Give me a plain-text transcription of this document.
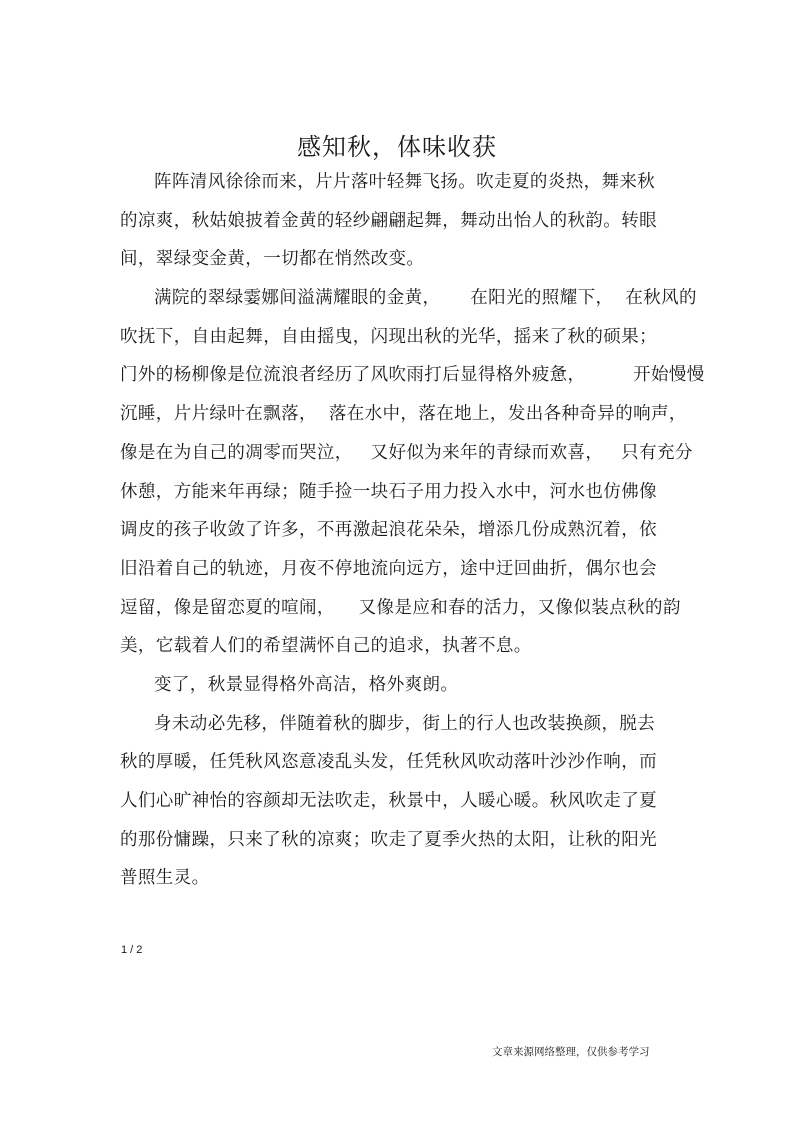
感知秋，体味收获
阵阵清风徐徐而来，片片落叶轻舞飞扬。吹走夏的炎热，舞来秋
的凉爽，秋姑娘披着金黄的轻纱翩翩起舞，舞动出怡人的秋韵。转眼
间，翠绿变金黄，一切都在悄然改变。
满院的翠绿霎娜间溢满耀眼的金黄，     在阳光的照耀下，  在秋风的
吹抚下，自由起舞，自由摇曳，闪现出秋的光华，摇来了秋的硕果；
门外的杨柳像是位流浪者经历了风吹雨打后显得格外疲惫，        开始慢慢
沉睡，片片绿叶在飘落，  落在水中，落在地上，发出各种奇异的响声，
像是在为自己的凋零而哭泣，   又好似为来年的青绿而欢喜，   只有充分
休憩，方能来年再绿；随手捡一块石子用力投入水中，河水也仿佛像
调皮的孩子收敛了许多，不再激起浪花朵朵，增添几份成熟沉着，依
旧沿着自己的轨迹，月夜不停地流向远方，途中迂回曲折，偶尔也会
逗留，像是留恋夏的喧闹，    又像是应和春的活力，又像似装点秋的韵
美，它载着人们的希望满怀自己的追求，执著不息。
变了，秋景显得格外高洁，格外爽朗。
身未动必先移，伴随着秋的脚步，街上的行人也改装换颜，脱去
秋的厚暖，任凭秋风恣意凌乱头发，任凭秋风吹动落叶沙沙作响，而
人们心旷神怡的容颜却无法吹走，秋景中，人暖心暖。秋风吹走了夏
的那份慵躁，只来了秋的凉爽；吹走了夏季火热的太阳，让秋的阳光
普照生灵。
1 / 2
文章来源网络整理，仅供参考学习
